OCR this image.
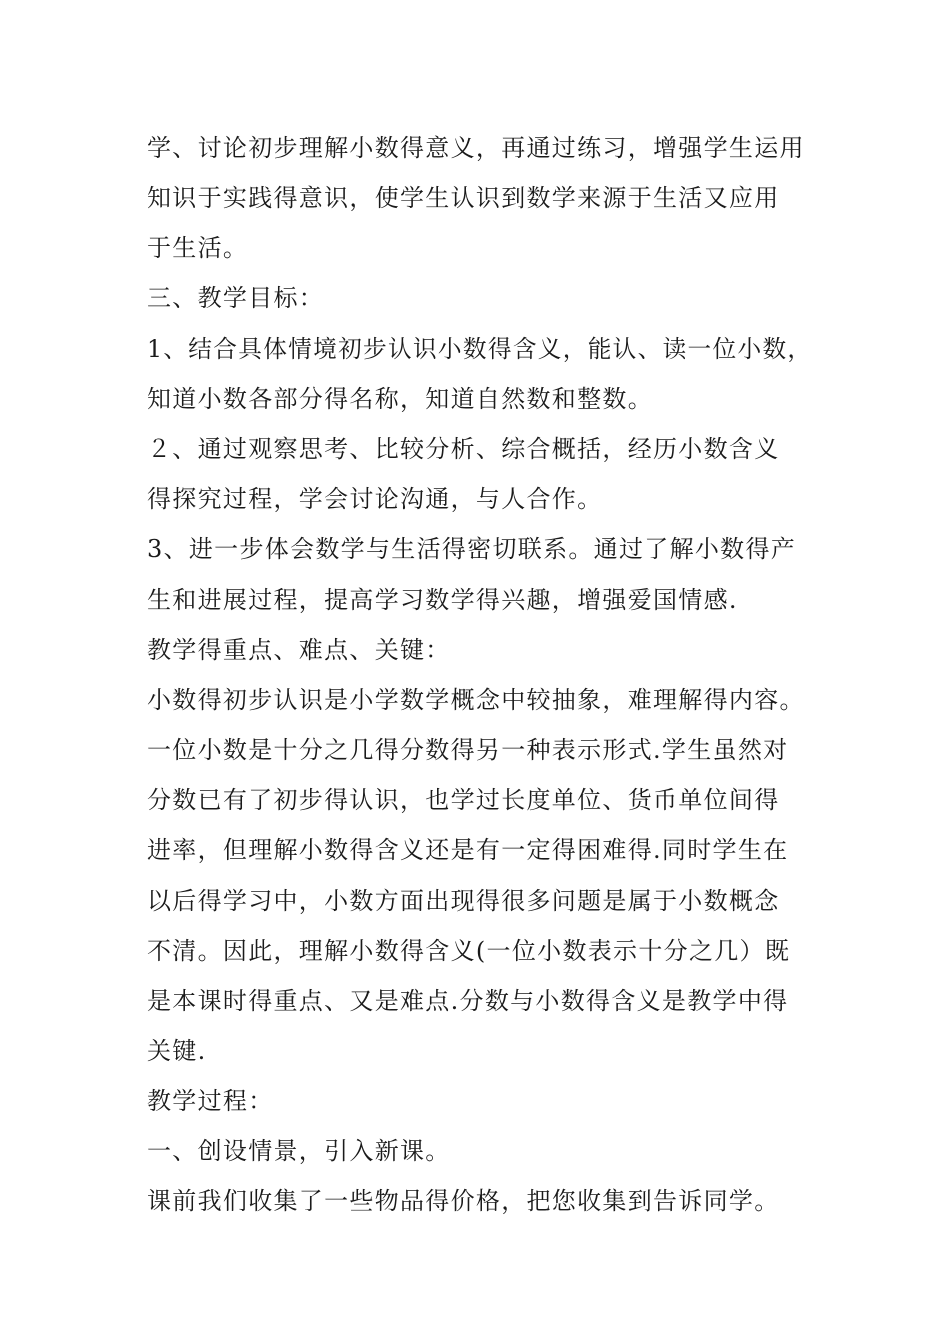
学、讨论初步理解小数得意义，再通过练习，增强学生运用
知识于实践得意识，使学生认识到数学来源于生活又应用
于生活。
三、教学目标：
1、结合具体情境初步认识小数得含义，能认、读一位小数，
知道小数各部分得名称，知道自然数和整数。
２、通过观察思考、比较分析、综合概括，经历小数含义
得探究过程，学会讨论沟通，与人合作。
3、进一步体会数学与生活得密切联系。通过了解小数得产
生和进展过程，提高学习数学得兴趣，增强爱国情感.
教学得重点、难点、关键：
小数得初步认识是小学数学概念中较抽象，难理解得内容。
一位小数是十分之几得分数得另一种表示形式.学生虽然对
分数已有了初步得认识，也学过长度单位、货币单位间得
进率，但理解小数得含义还是有一定得困难得.同时学生在
以后得学习中，小数方面出现得很多问题是属于小数概念
不清。因此，理解小数得含义(一位小数表示十分之几）既
是本课时得重点、又是难点.分数与小数得含义是教学中得
关键.
教学过程：
一、创设情景，引入新课。
课前我们收集了一些物品得价格，把您收集到告诉同学。
